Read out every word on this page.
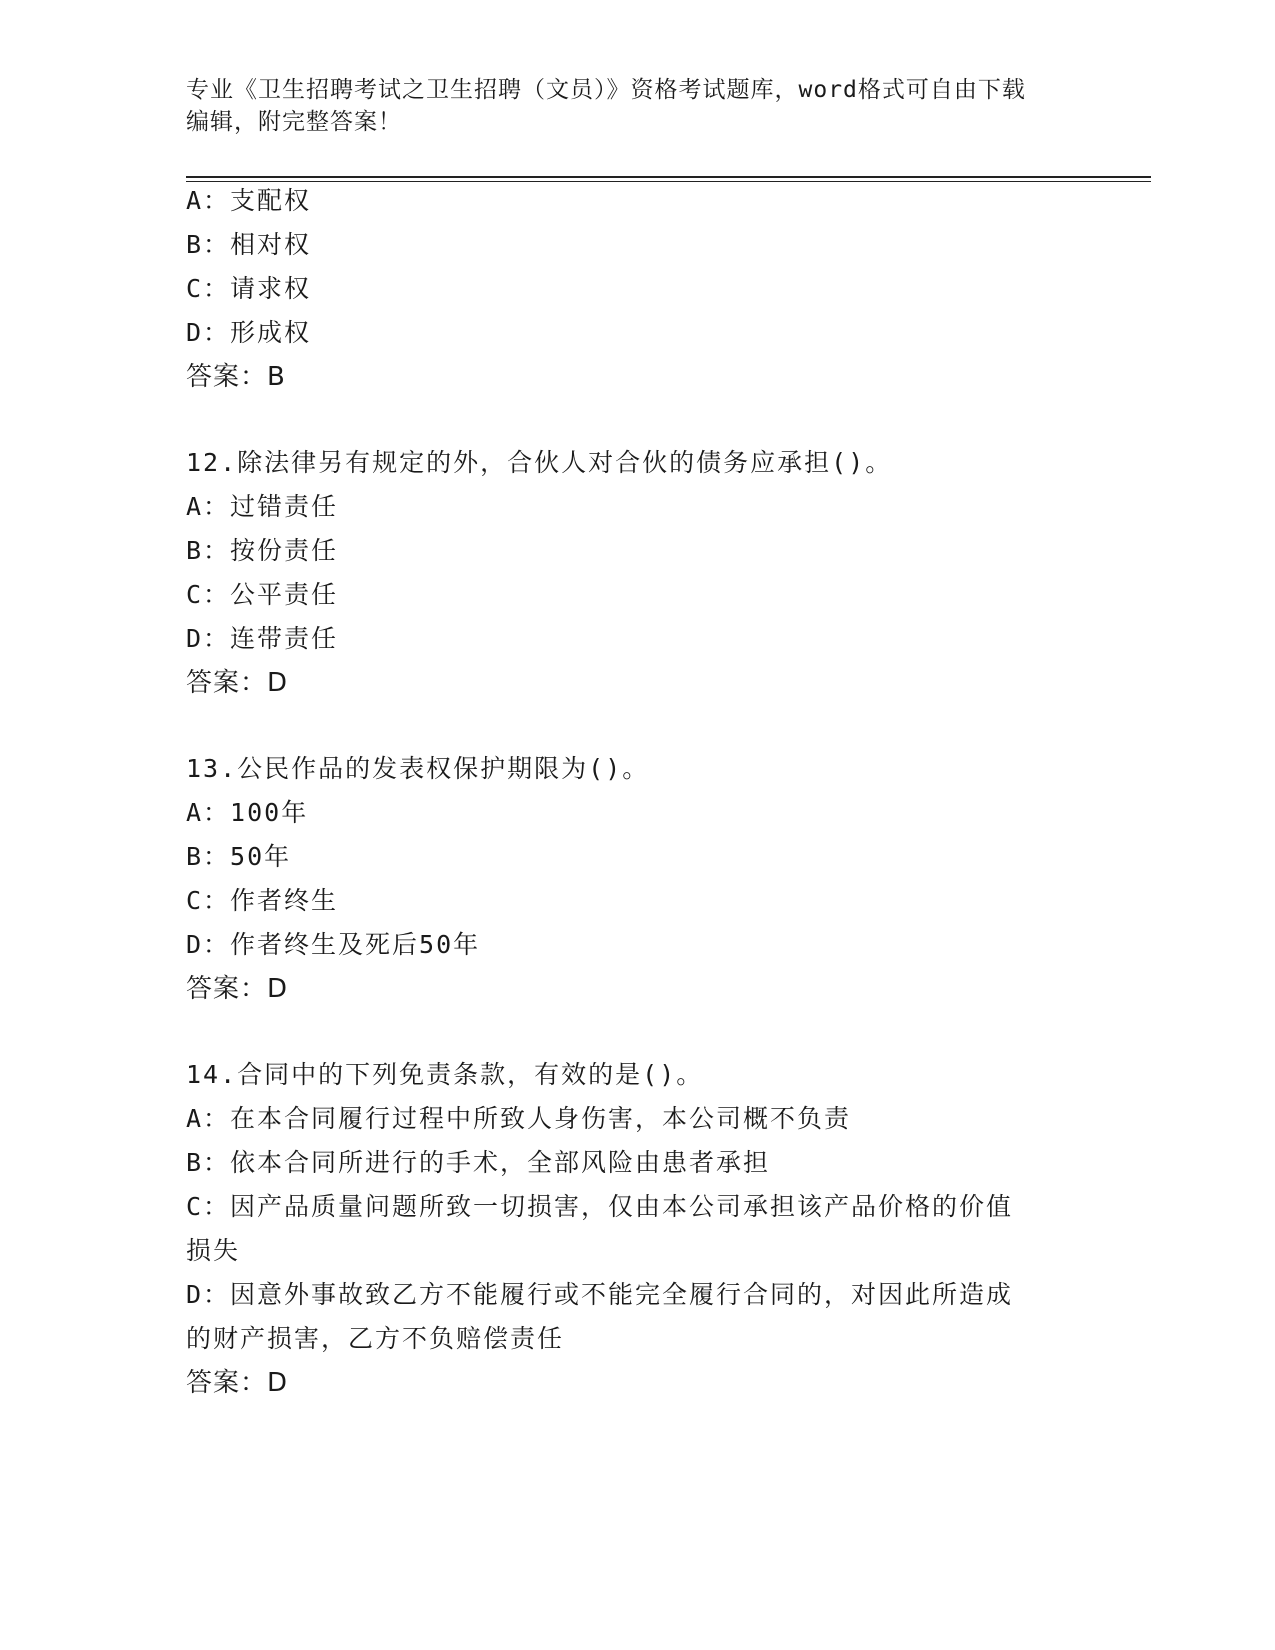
专业《卫生招聘考试之卫生招聘（文员）》资格考试题库，word格式可自由下载
编辑，附完整答案！
A：支配权
B：相对权
C：请求权
D：形成权
答案：B
12.除法律另有规定的外，合伙人对合伙的债务应承担()。
A：过错责任
B：按份责任
C：公平责任
D：连带责任
答案：D
13.公民作品的发表权保护期限为()。
A：100年
B：50年
C：作者终生
D：作者终生及死后50年
答案：D
14.合同中的下列免责条款，有效的是()。
A：在本合同履行过程中所致人身伤害，本公司概不负责
B：依本合同所进行的手术，全部风险由患者承担
C：因产品质量问题所致一切损害，仅由本公司承担该产品价格的价值
损失
D：因意外事故致乙方不能履行或不能完全履行合同的，对因此所造成
的财产损害，乙方不负赔偿责任
答案：D
